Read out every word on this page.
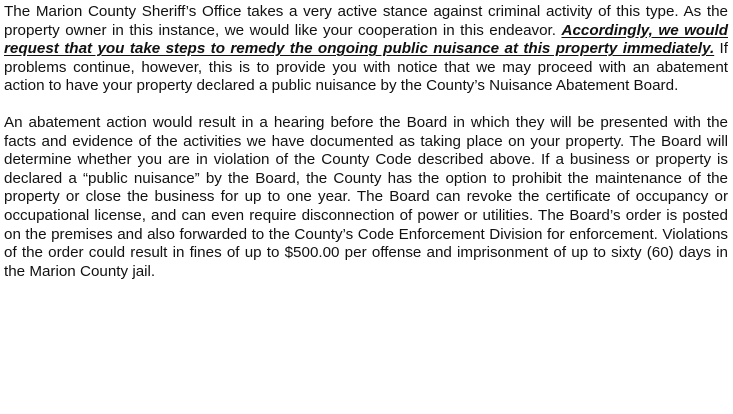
The Marion County Sheriff’s Office takes a very active stance against criminal activity of this type. As the property owner in this instance, we would like your cooperation in this endeavor. Accordingly, we would request that you take steps to remedy the ongoing public nuisance at this property immediately. If problems continue, however, this is to provide you with notice that we may proceed with an abatement action to have your property declared a public nuisance by the County’s Nuisance Abatement Board.

An abatement action would result in a hearing before the Board in which they will be presented with the facts and evidence of the activities we have documented as taking place on your property. The Board will determine whether you are in violation of the County Code described above. If a business or property is declared a “public nuisance” by the Board, the County has the option to prohibit the maintenance of the property or close the business for up to one year. The Board can revoke the certificate of occupancy or occupational license, and can even require disconnection of power or utilities. The Board’s order is posted on the premises and also forwarded to the County’s Code Enforcement Division for enforcement. Violations of the order could result in fines of up to $500.00 per offense and imprisonment of up to sixty (60) days in the Marion County jail.
